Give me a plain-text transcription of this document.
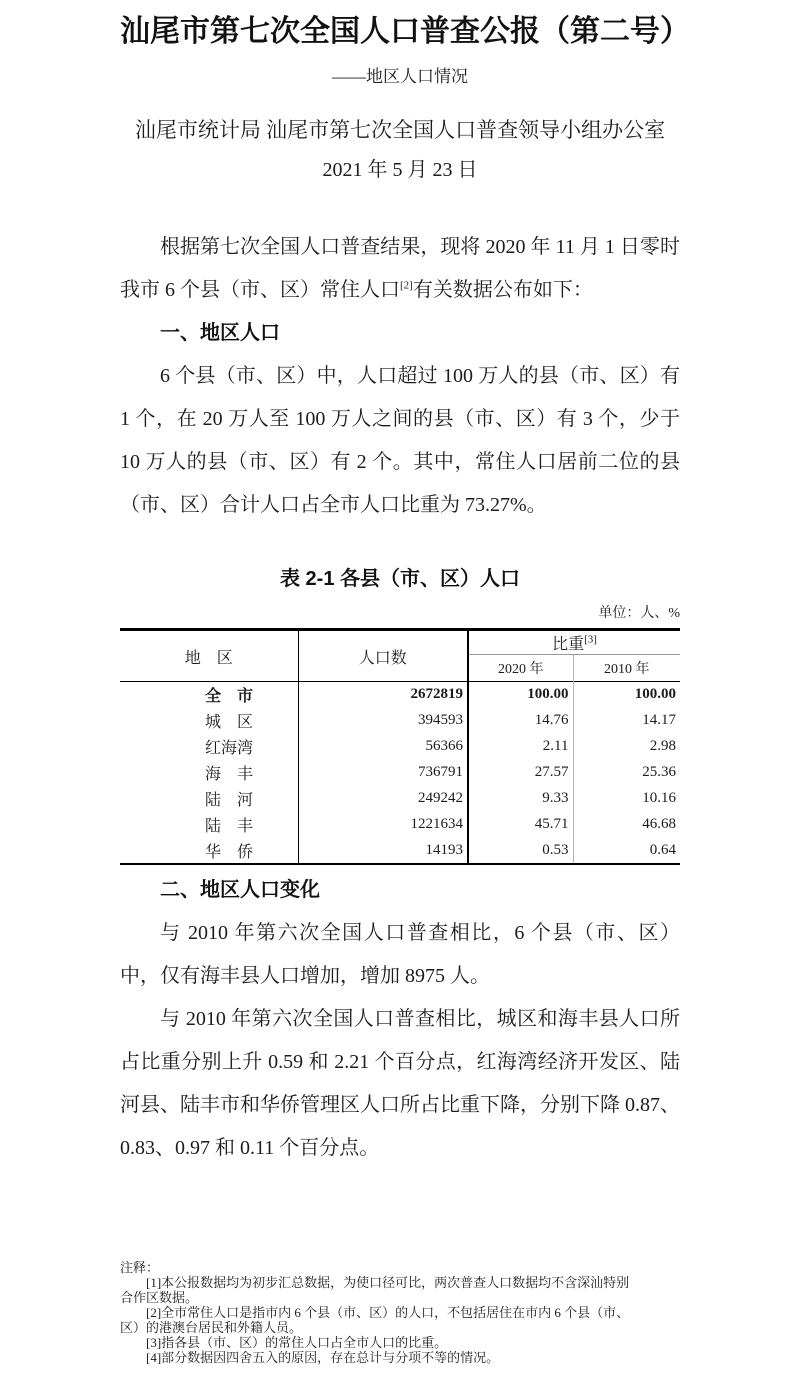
汕尾市第七次全国人口普查公报（第二号）
——地区人口情况
汕尾市统计局 汕尾市第七次全国人口普查领导小组办公室
2021 年 5 月 23 日

根据第七次全国人口普查结果，现将 2020 年 11 月 1 日零时我市 6 个县（市、区）常住人口[2]有关数据公布如下：

一、地区人口

6 个县（市、区）中，人口超过 100 万人的县（市、区）有 1 个，在 20 万人至 100 万人之间的县（市、区）有 3 个，少于 10 万人的县（市、区）有 2 个。其中，常住人口居前二位的县（市、区）合计人口占全市人口比重为 73.27%。

表 2-1 各县（市、区）人口
单位：人、%
地　区	人口数	比重[3]
		2020 年	2010 年
全　市	2672819	100.00	100.00
城　区	394593	14.76	14.17
红海湾	56366	2.11	2.98
海　丰	736791	27.57	25.36
陆　河	249242	9.33	10.16
陆　丰	1221634	45.71	46.68
华　侨	14193	0.53	0.64
二、地区人口变化

与 2010 年第六次全国人口普查相比，6 个县（市、区）中，仅有海丰县人口增加，增加 8975 人。

与 2010 年第六次全国人口普查相比，城区和海丰县人口所占比重分别上升 0.59 和 2.21 个百分点，红海湾经济开发区、陆河县、陆丰市和华侨管理区人口所占比重下降，分别下降 0.87、0.83、0.97 和 0.11 个百分点。

注释：
[1]本公报数据均为初步汇总数据，为使口径可比，两次普查人口数据均不含深汕特别
合作区数据。
[2]全市常住人口是指市内 6 个县（市、区）的人口，不包括居住在市内 6 个县（市、
区）的港澳台居民和外籍人员。
[3]指各县（市、区）的常住人口占全市人口的比重。
[4]部分数据因四舍五入的原因，存在总计与分项不等的情况。
